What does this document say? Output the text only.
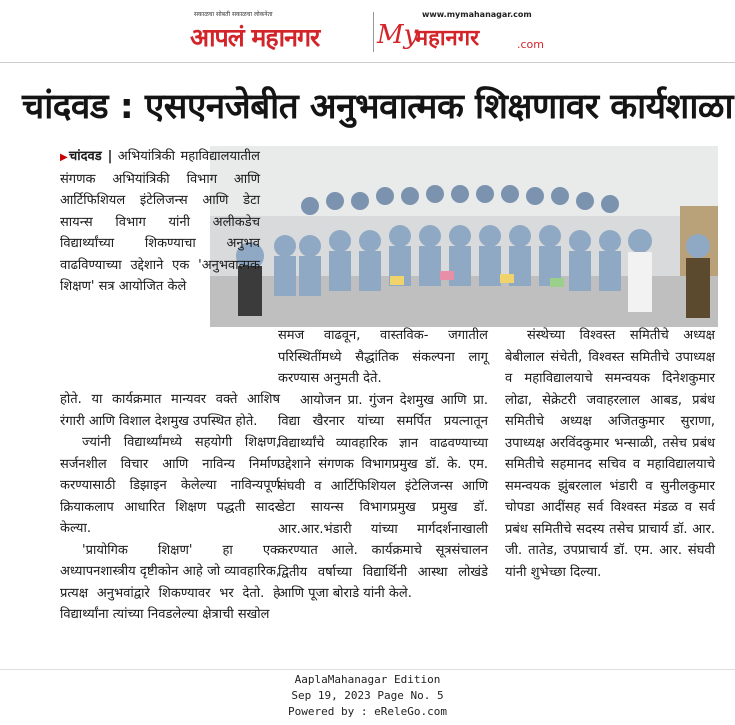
सकाळचा सोबती सकाळचा लोकनेता
आपलं महानगर
www.mymahanagar.com
My
महानगर	.com
चांदवड : एसएनजेबीत अनुभवात्मक शिक्षणावर कार्यशाळा

▶चांदवड | अभियांत्रिकी महाविद्यालयातील संगणक अभियांत्रिकी विभाग आणि आर्टिफिशियल इंटेलिजन्स आणि डेटा सायन्स विभाग यांनी अलीकडेच विद्यार्थ्यांच्या शिकण्याचा अनुभव वाढविण्याच्या उद्देशाने एक 'अनुभवात्मक शिक्षण' सत्र आयोजित केले

होते. या कार्यक्रमात मान्यवर वक्ते आशिष रंगारी आणि विशाल देशमुख उपस्थित होते.

ज्यांनी विद्यार्थ्यांमध्ये सहयोगी शिक्षण, सर्जनशील विचार आणि नाविन्य निर्माण करण्यासाठी डिझाइन केलेल्या नाविन्यपूर्ण क्रियाकलाप आधारित शिक्षण पद्धती सादर केल्या.

'प्रायोगिक शिक्षण' हा एक अध्यापनशास्त्रीय दृष्टीकोन आहे जो व्यावहारिक, प्रत्यक्ष अनुभवांद्वारे शिकण्यावर भर देतो. हे विद्यार्थ्यांना त्यांच्या निवडलेल्या क्षेत्राची सखोल

समज वाढवून, वास्तविक- जगातील परिस्थितींमध्ये सैद्धांतिक संकल्पना लागू करण्यास अनुमती देते.

आयोजन प्रा. गुंजन देशमुख आणि प्रा. विद्या खैरनार यांच्या समर्पित प्रयत्नातून विद्यार्थ्यांचे व्यावहारिक ज्ञान वाढवण्याच्या उद्देशाने संगणक विभागप्रमुख डॉ. के. एम. संघवी व आर्टिफिशियल इंटेलिजन्स आणि डेटा सायन्स विभागप्रमुख प्रमुख डॉ. आर.आर.भंडारी यांच्या मार्गदर्शनाखाली करण्यात आले. कार्यक्रमाचे सूत्रसंचालन द्वितीय वर्षाच्या विद्यार्थिनी आस्था लोखंडे आणि पूजा बोराडे यांनी केले.

संस्थेच्या विश्वस्त समितीचे अध्यक्ष बेबीलाल संचेती, विश्वस्त समितीचे उपाध्यक्ष व महाविद्यालयाचे समन्वयक दिनेशकुमार लोढा, सेक्रेटरी जवाहरलाल आबड, प्रबंध समितीचे अध्यक्ष अजितकुमार सुराणा, उपाध्यक्ष अरविंदकुमार भन्साळी, तसेच प्रबंध समितीचे सहमानद सचिव व महाविद्यालयाचे समन्वयक झुंबरलाल भंडारी व सुनीलकुमार चोपडा आदींसह सर्व विश्वस्त मंडळ व सर्व प्रबंध समितीचे सदस्य तसेच प्राचार्य डॉ. आर. जी. तातेड, उपप्राचार्य डॉ. एम. आर. संघवी यांनी शुभेच्छा दिल्या.

AaplaMahanagar Edition
Sep 19, 2023 Page No. 5
Powered by : eReleGo.com
